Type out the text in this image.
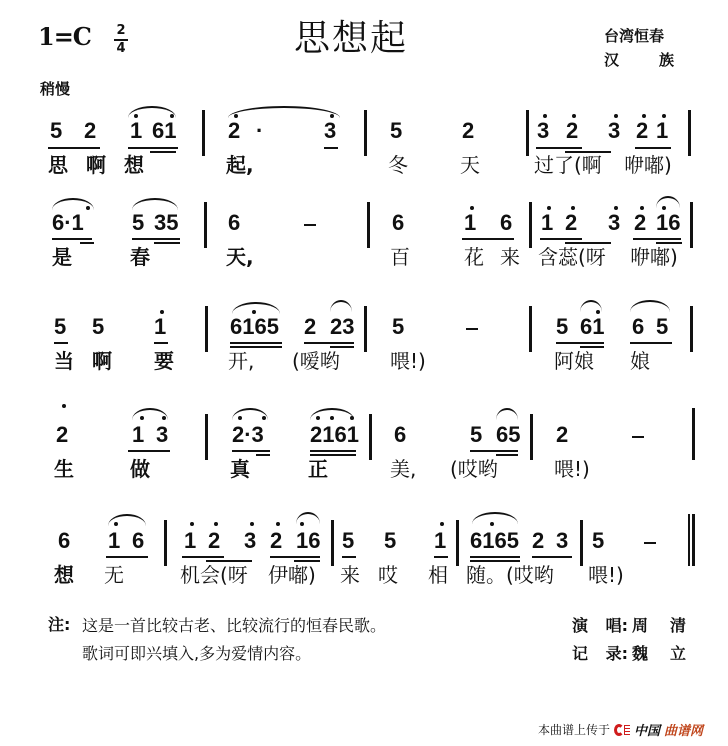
1=C 2
4	思想起	台湾恒春
汉	族
稍慢
5 2 1 61 2 ·	3 5	2	3 2 3 2 1
思 啊 想	起,	冬	天	过了(啊 咿嘟)
6·1 5 35 6	6	1 6 1 2 3 2 16
是	春	天,	百	花 来 含蕊(呀 咿嘟)
5 5 1	6165 2 23 5	5 61 6 5
当 啊 要	开, (嗳哟	喂!)	阿娘 娘
2	1 3	2·3 2161 6	5 65 2
生	做	真	正	美, (哎哟	喂!)
6 1 6 1 2 3 2 16 5 5 1 6165 2 3 5
想 无	机会(呀 伊嘟) 来 哎 相 随。(哎哟 喂!)
注: 这是一首比较古老、比较流行的恒春民歌。
歌词可即兴填入,多为爱情内容。
演 唱: 周 清
记 录: 魏 立
本曲谱上传于 中国 曲谱网
